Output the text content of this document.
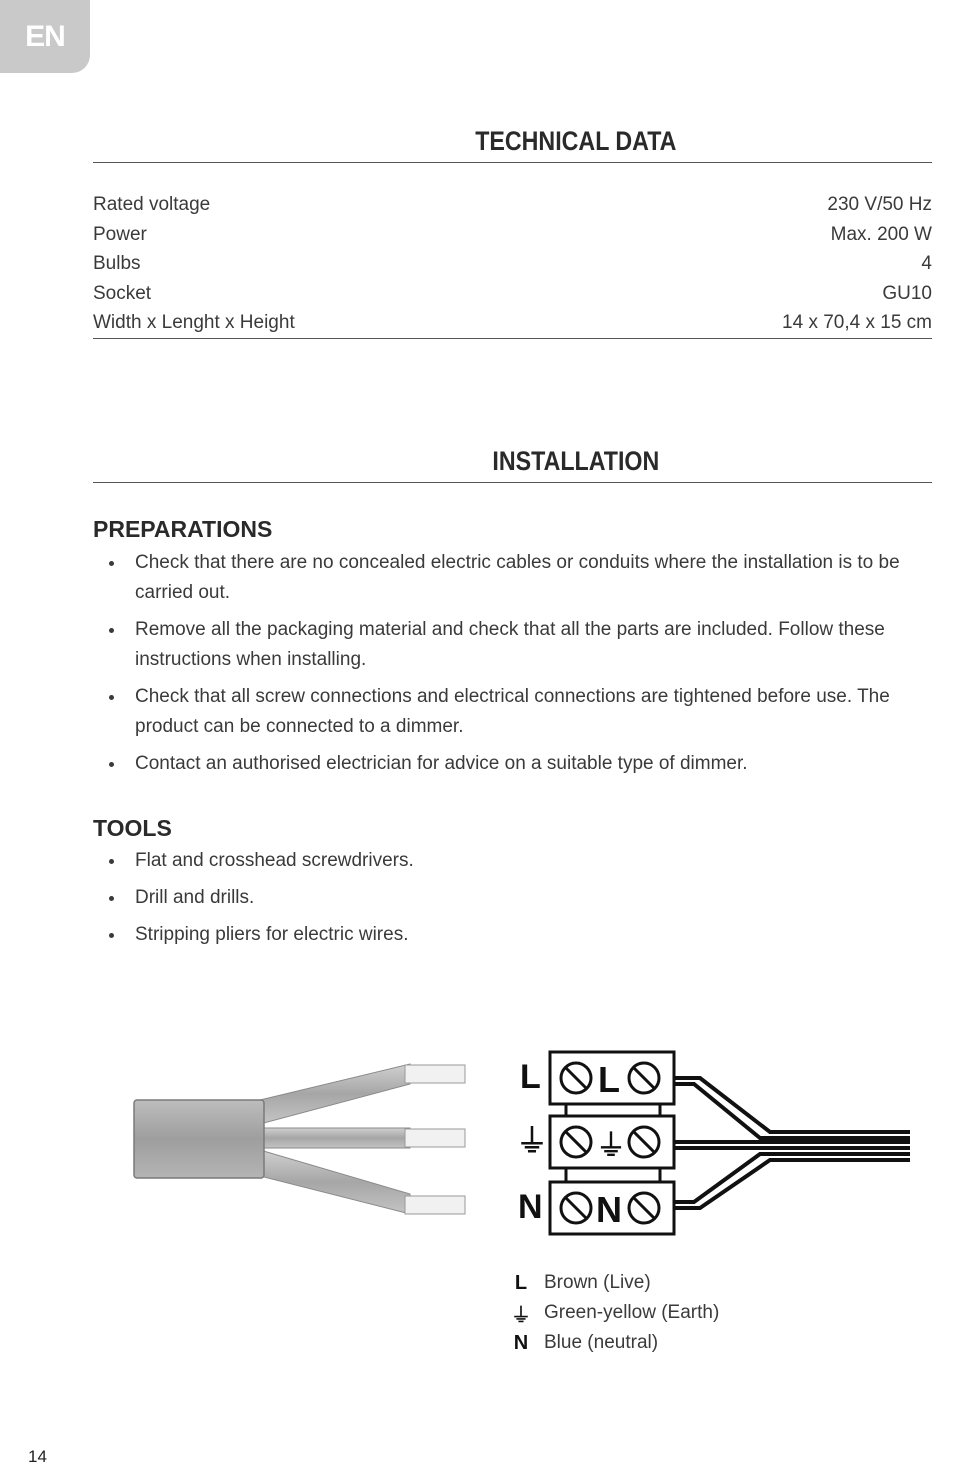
EN
TECHNICAL DATA
Rated voltage	230 V/50 Hz
Power	Max. 200 W
Bulbs	4
Socket	GU10
Width x Lenght x Height	14 x 70,4 x 15 cm
INSTALLATION
PREPARATIONS
Check that there are no concealed electric cables or conduits where the installation is to be carried out.
Remove all the packaging material and check that all the parts are included. Follow these instructions when installing.
Check that all screw connections and electrical connections are tightened before use. The product can be connected to a dimmer.
Contact an authorised electrician for advice on a suitable type of dimmer.
TOOLS
Flat and crosshead screwdrivers.
Drill and drills.
Stripping pliers for electric wires.
L
⏚
N
L
⏚
N
L Brown (Live)
⏚ Green-yellow (Earth)
N Blue (neutral)
14
